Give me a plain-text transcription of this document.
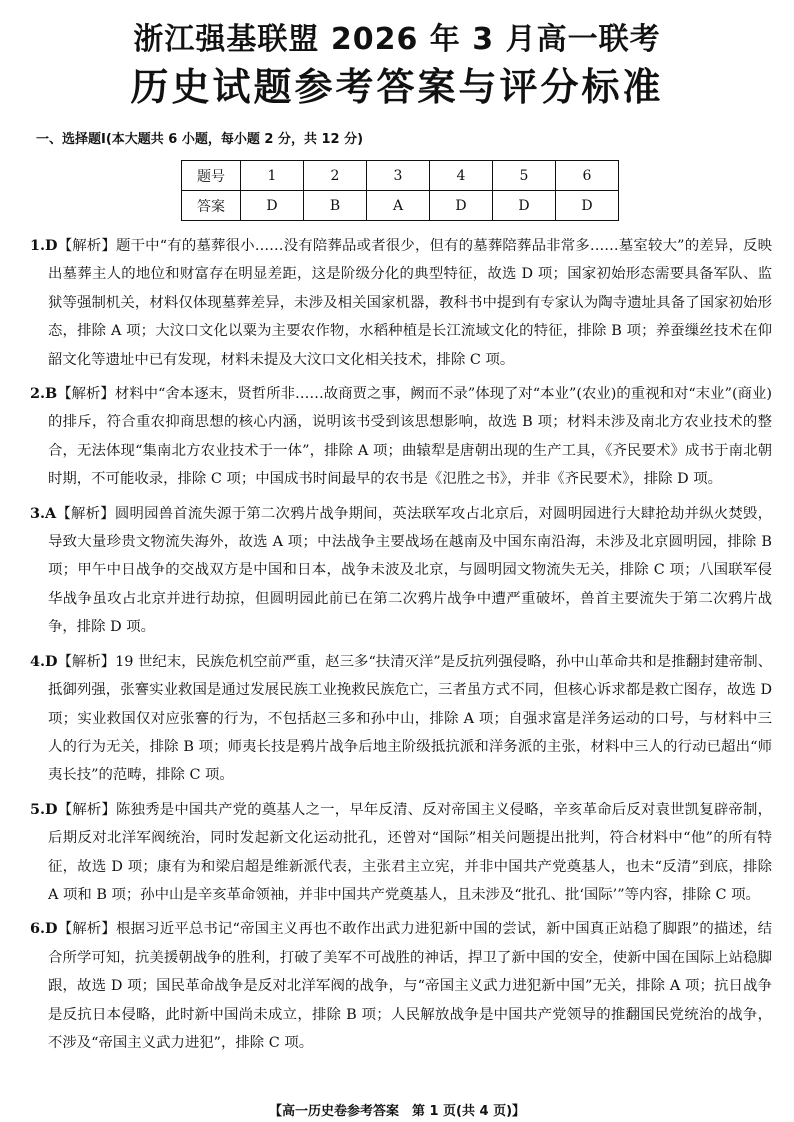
浙江强基联盟 2026 年 3 月高一联考
历史试题参考答案与评分标准
一、选择题Ⅰ(本大题共 6 小题，每小题 2 分，共 12 分)
题号	1	2	3	4	5	6
答案	D	B	A	D	D	D
1.D【解析】题干中“有的墓葬很小……没有陪葬品或者很少，但有的墓葬陪葬品非常多……墓室较大”的差异，反映出墓葬主人的地位和财富存在明显差距，这是阶级分化的典型特征，故选 D 项；国家初始形态需要具备军队、监狱等强制机关，材料仅体现墓葬差异，未涉及相关国家机器，教科书中提到有专家认为陶寺遗址具备了国家初始形态，排除 A 项；大汶口文化以粟为主要农作物，水稻种植是长江流域文化的特征，排除 B 项；养蚕缫丝技术在仰韶文化等遗址中已有发现，材料未提及大汶口文化相关技术，排除 C 项。
2.B【解析】材料中“舍本逐末，贤哲所非……故商贾之事，阙而不录”体现了对“本业”(农业)的重视和对“末业”(商业)的排斥，符合重农抑商思想的核心内涵，说明该书受到该思想影响，故选 B 项；材料未涉及南北方农业技术的整合，无法体现“集南北方农业技术于一体”，排除 A 项；曲辕犁是唐朝出现的生产工具，《齐民要术》成书于南北朝时期，不可能收录，排除 C 项；中国成书时间最早的农书是《氾胜之书》，并非《齐民要术》，排除 D 项。
3.A【解析】圆明园兽首流失源于第二次鸦片战争期间，英法联军攻占北京后，对圆明园进行大肆抢劫并纵火焚毁，导致大量珍贵文物流失海外，故选 A 项；中法战争主要战场在越南及中国东南沿海，未涉及北京圆明园，排除 B 项；甲午中日战争的交战双方是中国和日本，战争未波及北京，与圆明园文物流失无关，排除 C 项；八国联军侵华战争虽攻占北京并进行劫掠，但圆明园此前已在第二次鸦片战争中遭严重破坏，兽首主要流失于第二次鸦片战争，排除 D 项。
4.D【解析】19 世纪末，民族危机空前严重，赵三多“扶清灭洋”是反抗列强侵略，孙中山革命共和是推翻封建帝制、抵御列强，张謇实业救国是通过发展民族工业挽救民族危亡，三者虽方式不同，但核心诉求都是救亡图存，故选 D 项；实业救国仅对应张謇的行为，不包括赵三多和孙中山，排除 A 项；自强求富是洋务运动的口号，与材料中三人的行为无关，排除 B 项；师夷长技是鸦片战争后地主阶级抵抗派和洋务派的主张，材料中三人的行动已超出“师夷长技”的范畴，排除 C 项。
5.D【解析】陈独秀是中国共产党的奠基人之一，早年反清、反对帝国主义侵略，辛亥革命后反对袁世凯复辟帝制，后期反对北洋军阀统治，同时发起新文化运动批孔，还曾对“国际”相关问题提出批判，符合材料中“他”的所有特征，故选 D 项；康有为和梁启超是维新派代表，主张君主立宪，并非中国共产党奠基人，也未“反清”到底，排除 A 项和 B 项；孙中山是辛亥革命领袖，并非中国共产党奠基人，且未涉及“批孔、批‘国际’”等内容，排除 C 项。
6.D【解析】根据习近平总书记“帝国主义再也不敢作出武力进犯新中国的尝试，新中国真正站稳了脚跟”的描述，结合所学可知，抗美援朝战争的胜利，打破了美军不可战胜的神话，捍卫了新中国的安全，使新中国在国际上站稳脚跟，故选 D 项；国民革命战争是反对北洋军阀的战争，与“帝国主义武力进犯新中国”无关，排除 A 项；抗日战争是反抗日本侵略，此时新中国尚未成立，排除 B 项；人民解放战争是中国共产党领导的推翻国民党统治的战争，不涉及“帝国主义武力进犯”，排除 C 项。
【高一历史卷参考答案　第 1 页(共 4 页)】
